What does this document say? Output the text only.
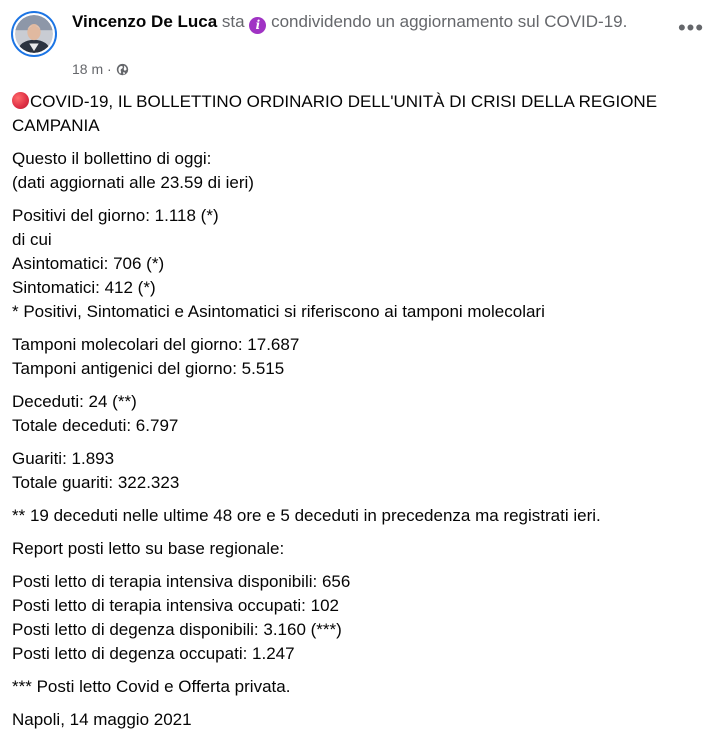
Vincenzo De Luca sta i condividendo un aggiornamento sul COVID-19.
18 m ·
•••

COVID-19, IL BOLLETTINO ORDINARIO DELL'UNITÀ DI CRISI DELLA REGIONE CAMPANIA

Questo il bollettino di oggi:
(dati aggiornati alle 23.59 di ieri)

Positivi del giorno: 1.118 (*)
di cui
Asintomatici: 706 (*)
Sintomatici: 412 (*)
* Positivi, Sintomatici e Asintomatici si riferiscono ai tamponi molecolari

Tamponi molecolari del giorno: 17.687
Tamponi antigenici del giorno: 5.515

Deceduti: 24 (**)
Totale deceduti: 6.797

Guariti: 1.893
Totale guariti: 322.323

** 19 deceduti nelle ultime 48 ore e 5 deceduti in precedenza ma registrati ieri.

Report posti letto su base regionale:

Posti letto di terapia intensiva disponibili: 656
Posti letto di terapia intensiva occupati: 102
Posti letto di degenza disponibili: 3.160 (***)
Posti letto di degenza occupati: 1.247

*** Posti letto Covid e Offerta privata.

Napoli, 14 maggio 2021
